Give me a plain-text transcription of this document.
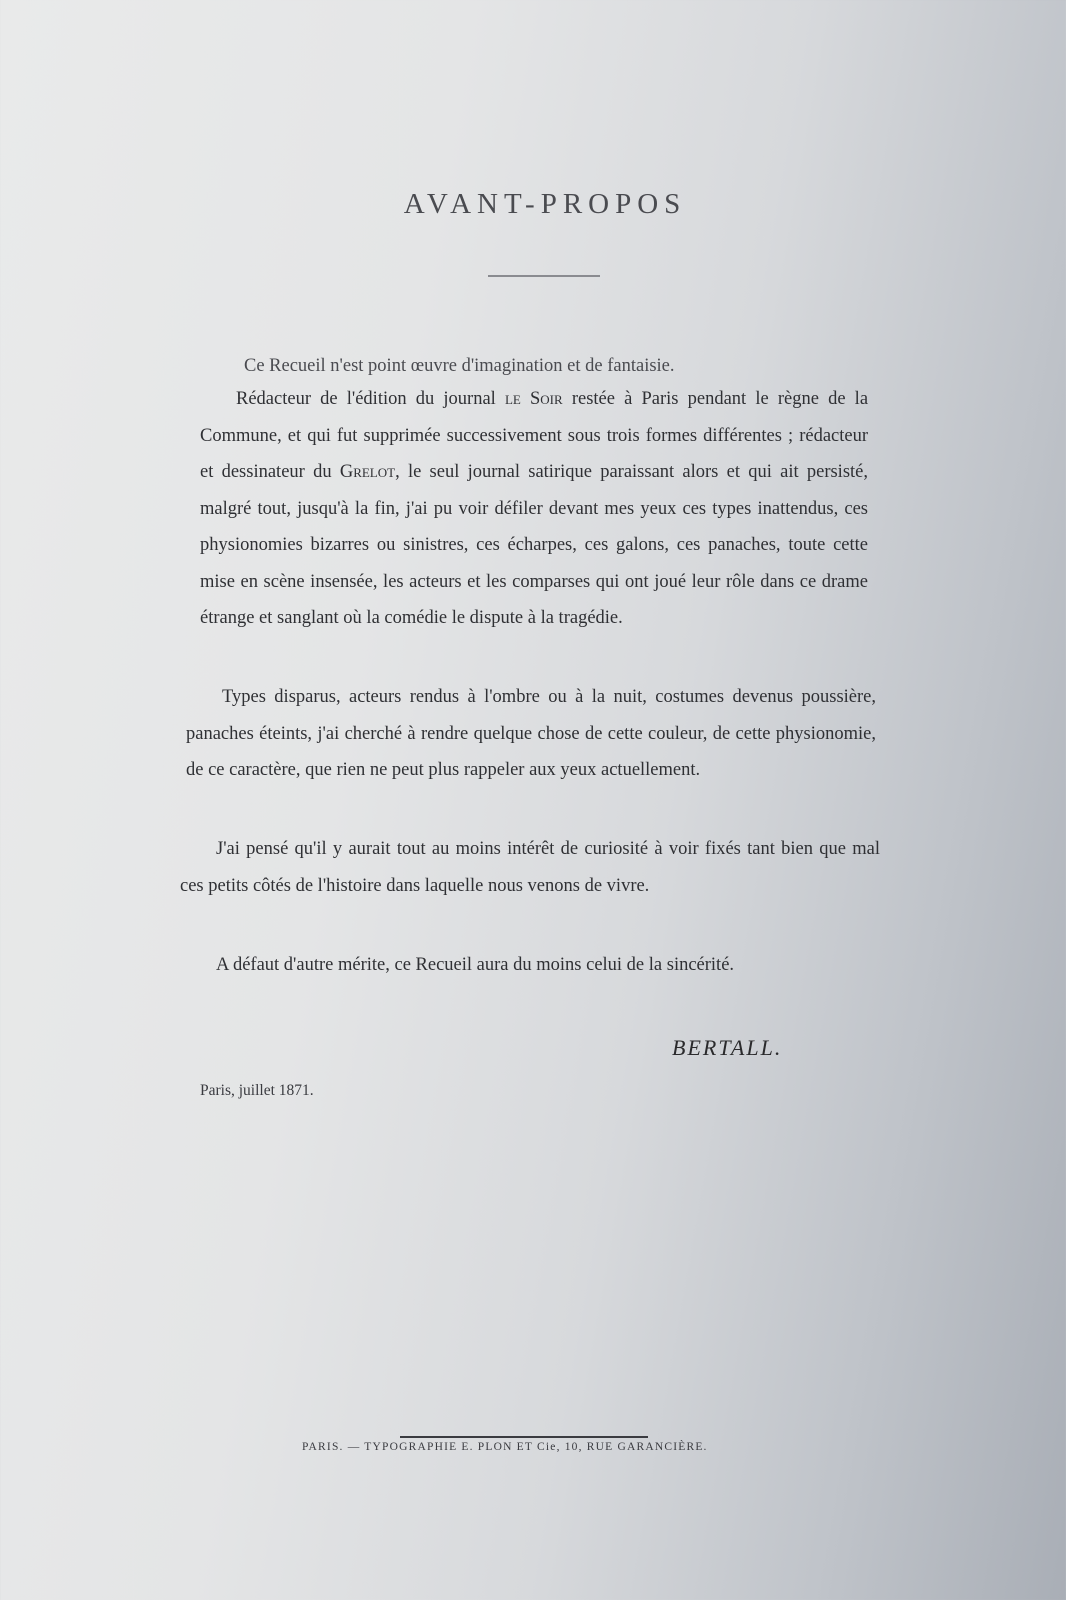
AVANT-PROPOS

Ce Recueil n'est point œuvre d'imagination et de fantaisie.

Rédacteur de l'édition du journal le Soir restée à Paris pendant le règne de la Commune, et qui fut supprimée successivement sous trois formes différentes ; rédacteur et dessinateur du Grelot, le seul journal satirique paraissant alors et qui ait persisté, malgré tout, jusqu'à la fin, j'ai pu voir défiler devant mes yeux ces types inattendus, ces physionomies bizarres ou sinistres, ces écharpes, ces galons, ces panaches, toute cette mise en scène insensée, les acteurs et les comparses qui ont joué leur rôle dans ce drame étrange et sanglant où la comédie le dispute à la tragédie.

Types disparus, acteurs rendus à l'ombre ou à la nuit, costumes devenus poussière, panaches éteints, j'ai cherché à rendre quelque chose de cette couleur, de cette physionomie, de ce caractère, que rien ne peut plus rappeler aux yeux actuellement.

J'ai pensé qu'il y aurait tout au moins intérêt de curiosité à voir fixés tant bien que mal ces petits côtés de l'histoire dans laquelle nous venons de vivre.

A défaut d'autre mérite, ce Recueil aura du moins celui de la sincérité.

BERTALL.
Paris, juillet 1871.
PARIS. — TYPOGRAPHIE E. PLON ET Cie, 10, RUE GARANCIÈRE.
